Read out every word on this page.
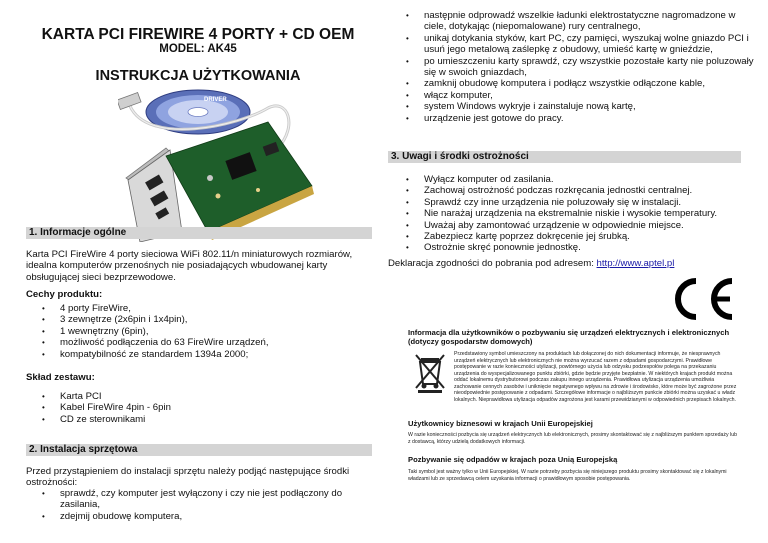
KARTA PCI FIREWIRE 4 PORTY + CD OEM
MODEL: AK45
INSTRUKCJA UŻYTKOWANIA
DRIVER
1. Informacje ogólne
Karta PCI FireWire 4 porty sieciowa WiFi 802.11/n miniaturowych rozmiarów, idealna komputerów przenośnych nie posiadających wbudowanej karty obsługującej sieci bezprzewodowe.
Cechy produktu:
• 4 porty FireWire,
• 3 zewnętrze (2x6pin i 1x4pin),
• 1 wewnętrzny (6pin),
• możliwość podłączenia do 63 FireWire urządzeń,
• kompatybilność ze standardem 1394a 2000;
Skład zestawu:
• Karta PCI
• Kabel FireWire 4pin - 6pin
• CD ze sterownikami
2. Instalacja sprzętowa
Przed przystąpieniem do instalacji sprzętu należy podjąć następujące środki ostrożności:
• sprawdź, czy komputer jest wyłączony i czy nie jest podłączony do zasilania,
• zdejmij obudowę komputera,
• następnie odprowadź wszelkie ładunki elektrostatyczne nagromadzone w ciele, dotykając (niepomalowane) rury centralnego,
• unikaj dotykania styków, kart PC, czy pamięci, wyszukaj wolne gniazdo PCI i usuń jego metalową zaślepkę z obudowy, umieść kartę w gnieździe,
• po umieszczeniu karty sprawdź, czy wszystkie pozostałe karty nie poluzowały się w swoich gniazdach,
• zamknij obudowę komputera i podłącz wszystkie odłączone kable,
• włącz komputer,
• system Windows wykryje i zainstaluje nową kartę,
• urządzenie jest gotowe do pracy.
3. Uwagi i środki ostrożności
• Wyłącz komputer od zasilania.
• Zachowaj ostrożność podczas rozkręcania jednostki centralnej.
• Sprawdź czy inne urządzenia nie poluzowały się w instalacji.
• Nie narażaj urządzenia na ekstremalnie niskie i wysokie temperatury.
• Uważaj aby zamontować urządzenie w odpowiednie miejsce.
• Zabezpiecz kartę poprzez dokręcenie jej śrubką.
• Ostrożnie skręć ponownie jednostkę.
Deklaracja zgodności do pobrania pod adresem: http://www.aptel.pl
Informacja dla użytkowników o pozbywaniu się urządzeń elektrycznych i elektronicznych (dotyczy gospodarstw domowych)
Przedstawiony symbol umieszczony na produktach lub dołączonej do nich dokumentacji informuje, że niesprawnych urządzeń elektrycznych lub elektronicznych nie można wyrzucać razem z odpadami gospodarczymi. Prawidłowe postępowanie w razie konieczności utylizacji, powtórnego użycia lub odzysku podzespołów polega na przekazaniu urządzenia do wyspecjalizowanego punktu zbiórki, gdzie będzie przyjęte bezpłatnie. W niektórych krajach produkt można oddać lokalnemu dystrybutorowi podczas zakupu innego urządzenia. Prawidłowa utylizacja urządzenia umożliwia zachowanie cennych zasobów i uniknięcie negatywnego wpływu na zdrowie i środowisko, które może być zagrożone przez nieodpowiednie postępowanie z odpadami. Szczegółowe informacje o najbliższym punkcie zbiórki można uzyskać u władz lokalnych. Nieprawidłowa utylizacja odpadów zagrożona jest karami przewidzianymi w odpowiednich przepisach lokalnych.
Użytkownicy biznesowi w krajach Unii Europejskiej
W razie konieczności pozbycia się urządzeń elektrycznych lub elektronicznych, prosimy skontaktować się z najbliższym punktem sprzedaży lub z dostawcą, którzy udzielą dodatkowych informacji.
Pozbywanie się odpadów w krajach poza Unią Europejską
Taki symbol jest ważny tylko w Unii Europejskiej. W razie potrzeby pozbycia się niniejszego produktu prosimy skontaktować się z lokalnymi władzami lub ze sprzedawcą celem uzyskania informacji o prawidłowym sposobie postępowania.
